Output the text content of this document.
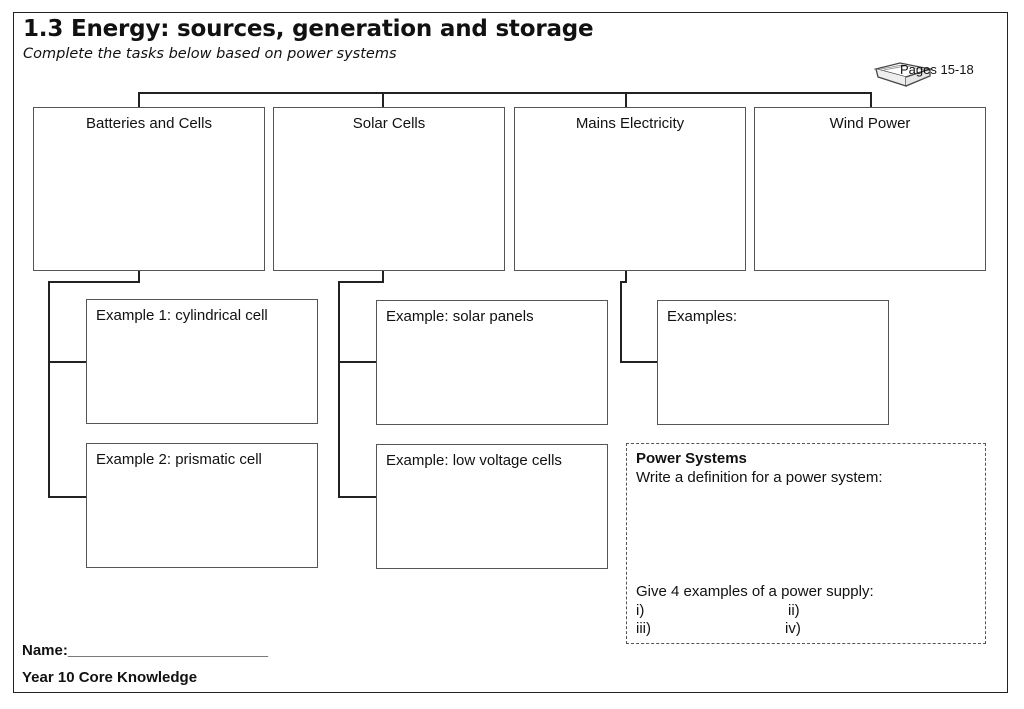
1.3 Energy: sources, generation and storage
Complete the tasks below based on power systems
Pages 15-18
Batteries and Cells	Solar Cells	Mains Electricity	Wind Power
Example 1: cylindrical cell
Example 2: prismatic cell
Example: solar panels
Example: low voltage cells
Examples:
Power Systems
Write a definition for a power system:
Give 4 examples of a power supply:
i)	ii)
iii)	iv)
Name:________________________
Year 10 Core Knowledge
